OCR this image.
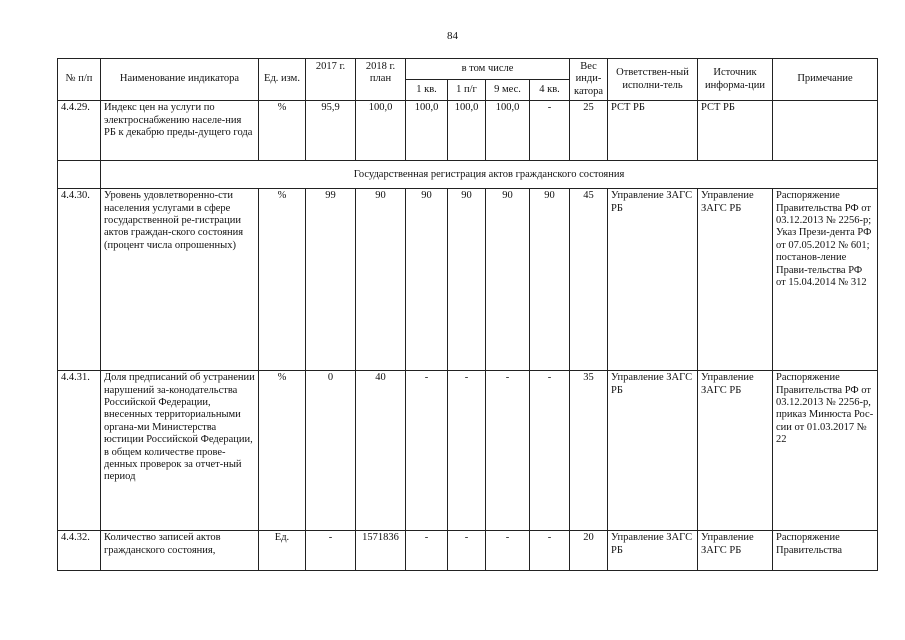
84
№ п/п	Наименование индикатора	Ед. изм.	2017 г.	2018 г. план	в том числе				Вес инди-катора	Ответствен-ный исполни-тель	Источник информа-ции	Примечание
					1 кв.	1 п/г	9 мес.	4 кв.				
4.4.29.	Индекс цен на услуги по электроснабжению населе-ния РБ к декабрю преды-дущего года	%	95,9	100,0	100,0	100,0	100,0	-	25	РСТ РБ	РСТ РБ	
	Государственная регистрация актов гражданского состояния											
4.4.30.	Уровень удовлетворенно-сти населения услугами в сфере государственной ре-гистрации актов граждан-ского состояния (процент числа опрошенных)	%	99	90	90	90	90	90	45	Управление ЗАГС РБ	Управление ЗАГС РБ	Распоряжение Правительства РФ от 03.12.2013 № 2256-р; Указ Прези-дента РФ от 07.05.2012 № 601; постанов-ление Прави-тельства РФ от 15.04.2014 № 312
4.4.31.	Доля предписаний об устранении нарушений за-конодательства Российской Федерации, внесенных территориальными органа-ми Министерства юстиции Российской Федерации, в общем количестве прове-денных проверок за отчет-ный период	%	0	40	-	-	-	-	35	Управление ЗАГС РБ	Управление ЗАГС РБ	Распоряжение Правительства РФ от 03.12.2013 № 2256-р, приказ Минюста Рос-сии от 01.03.2017 № 22
4.4.32.	Количество записей актов гражданского состояния,	Ед.	-	1571836	-	-	-	-	20	Управление ЗАГС РБ	Управление ЗАГС РБ	Распоряжение Правительства
